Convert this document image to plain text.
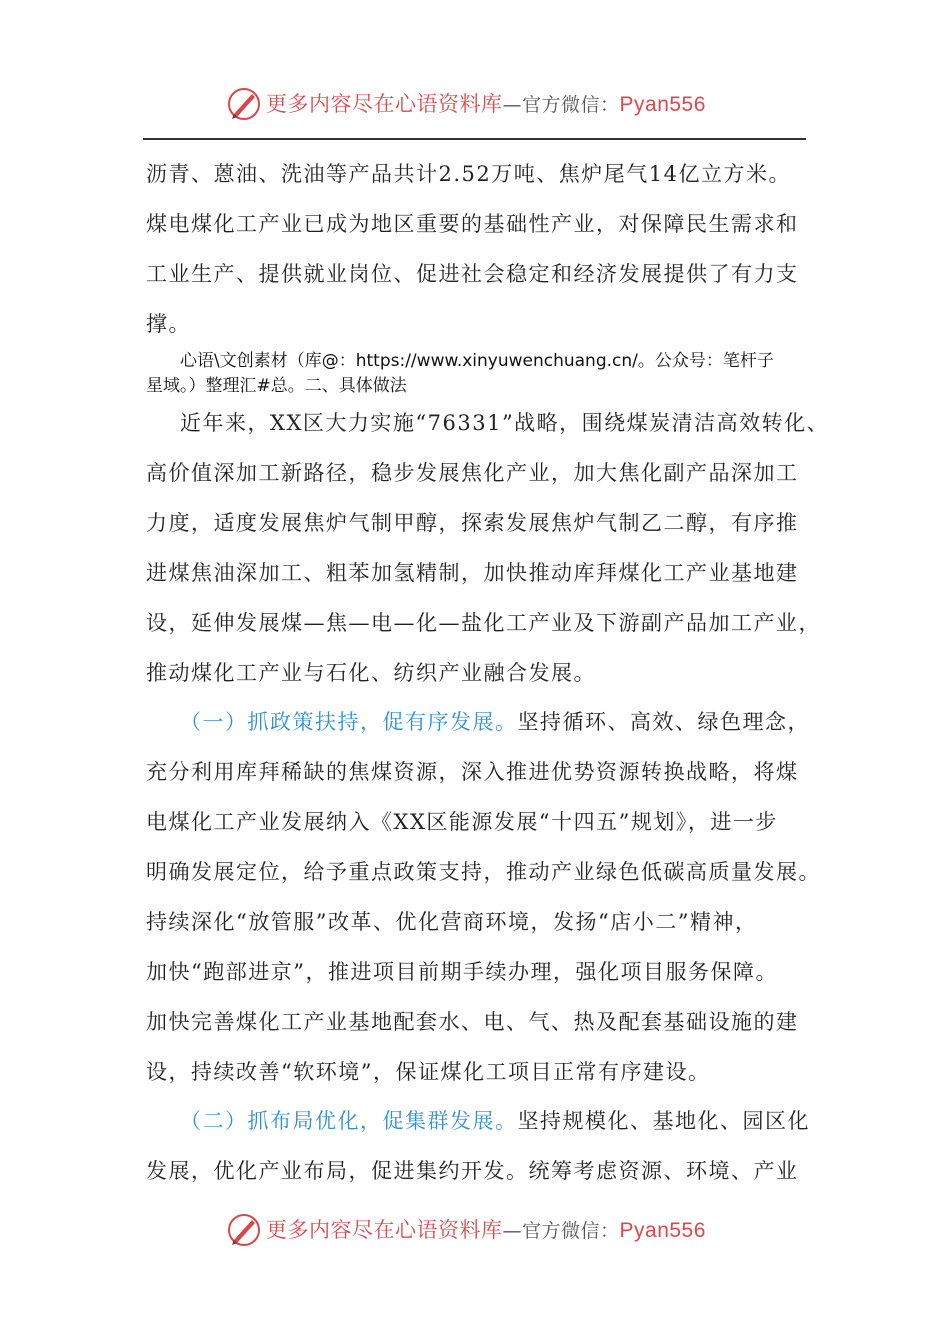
更多内容尽在心语资料库—官方微信：Pyan556
沥青、蒽油、洗油等产品共计2.52万吨、焦炉尾气14亿立方米。
煤电煤化工产业已成为地区重要的基础性产业，对保障民生需求和
工业生产、提供就业岗位、促进社会稳定和经济发展提供了有力支
撑。
心语\文创素材（库@：https://www.xinyuwenchuang.cn/。公众号：笔杆子
星域。）整理汇#总。二、具体做法
近年来，XX区大力实施“76331”战略，围绕煤炭清洁高效转化、
高价值深加工新路径，稳步发展焦化产业，加大焦化副产品深加工
力度，适度发展焦炉气制甲醇，探索发展焦炉气制乙二醇，有序推
进煤焦油深加工、粗苯加氢精制，加快推动库拜煤化工产业基地建
设，延伸发展煤—焦—电—化—盐化工产业及下游副产品加工产业，
推动煤化工产业与石化、纺织产业融合发展。
（一）抓政策扶持，促有序发展。坚持循环、高效、绿色理念，
充分利用库拜稀缺的焦煤资源，深入推进优势资源转换战略，将煤
电煤化工产业发展纳入《XX区能源发展“十四五”规划》，进一步
明确发展定位，给予重点政策支持，推动产业绿色低碳高质量发展。
持续深化“放管服”改革、优化营商环境，发扬“店小二”精神，
加快“跑部进京”，推进项目前期手续办理，强化项目服务保障。
加快完善煤化工产业基地配套水、电、气、热及配套基础设施的建
设，持续改善“软环境”，保证煤化工项目正常有序建设。
（二）抓布局优化，促集群发展。坚持规模化、基地化、园区化
发展，优化产业布局，促进集约开发。统筹考虑资源、环境、产业
更多内容尽在心语资料库—官方微信：Pyan556
